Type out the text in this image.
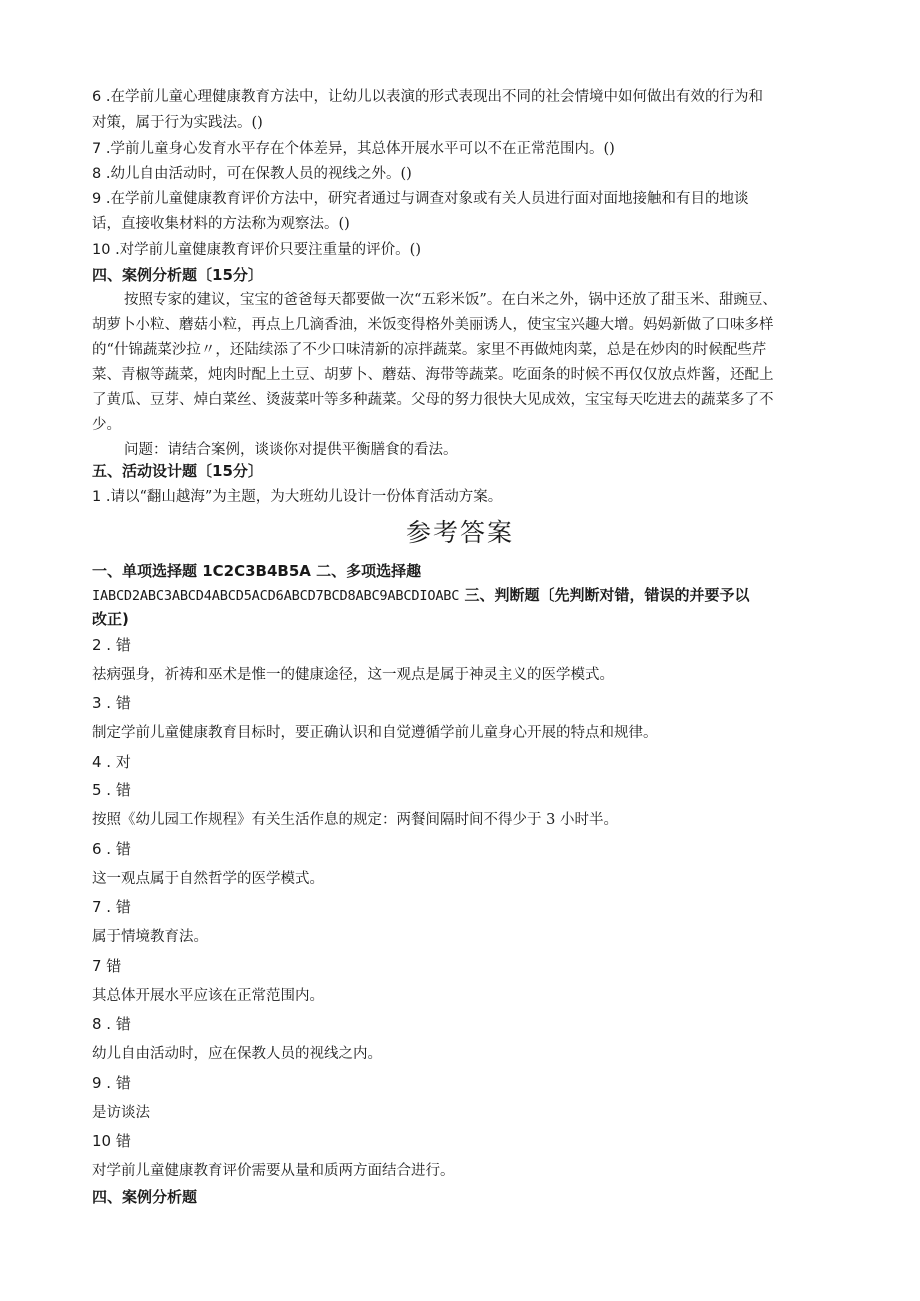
6 .在学前儿童心理健康教育方法中，让幼儿以表演的形式表现出不同的社会情境中如何做出有效的行为和
对策，属于行为实践法。()
7 .学前儿童身心发育水平存在个体差异，其总体开展水平可以不在正常范围内。()
8 .幼儿自由活动时，可在保教人员的视线之外。()
9 .在学前儿童健康教育评价方法中，研究者通过与调查对象或有关人员进行面对面地接触和有目的地谈
话，直接收集材料的方法称为观察法。()
10 .对学前儿童健康教育评价只要注重量的评价。()
四、案例分析题〔15分〕
按照专家的建议，宝宝的爸爸每天都要做一次“五彩米饭”。在白米之外，锅中还放了甜玉米、甜豌豆、
胡萝卜小粒、蘑菇小粒，再点上几滴香油，米饭变得格外美丽诱人，使宝宝兴趣大增。妈妈新做了口味多样
的“什锦蔬菜沙拉〃，还陆续添了不少口味清新的凉拌蔬菜。家里不再做炖肉菜，总是在炒肉的时候配些芹
菜、青椒等蔬菜，炖肉时配上土豆、胡萝卜、蘑菇、海带等蔬菜。吃面条的时候不再仅仅放点炸酱，还配上
了黄瓜、豆芽、焯白菜丝、烫菠菜叶等多种蔬菜。父母的努力很快大见成效，宝宝每天吃进去的蔬菜多了不
少。
问题：请结合案例，谈谈你对提供平衡膳食的看法。
五、活动设计题〔15分〕
1 .请以“翻山越海”为主题，为大班幼儿设计一份体育活动方案。
参考答案
一、单项选择题 1C2C3B4B5A 二、多项选择趣
IABCD2ABC3ABCD4ABCD5ACD6ABCD7BCD8ABC9ABCDIOABC 三、判断题〔先判断对错，错误的并要予以
改正)
2 . 错
祛病强身，祈祷和巫术是惟一的健康途径，这一观点是属于神灵主义的医学模式。
3 . 错
制定学前儿童健康教育目标时，要正确认识和自觉遵循学前儿童身心开展的特点和规律。
4 . 对
5 . 错
按照《幼儿园工作规程》有关生活作息的规定：两餐间隔时间不得少于 3 小时半。
6 . 错
这一观点属于自然哲学的医学模式。
7 . 错
属于情境教育法。
7 错
其总体开展水平应该在正常范围内。
8 . 错
幼儿自由活动时，应在保教人员的视线之内。
9 . 错
是访谈法
10 错
对学前儿童健康教育评价需要从量和质两方面结合进行。
四、案例分析题
